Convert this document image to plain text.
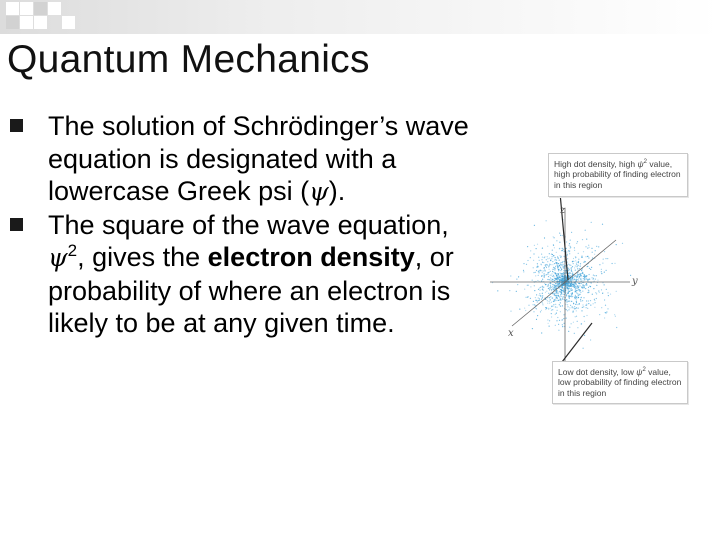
Quantum Mechanics
The solution of Schrödinger’s wave equation is designated with a lowercase Greek psi (ψ).
The square of the wave equation, $\psi^2$, gives the electron density, or probability of where an electron is likely to be at any given time.
z
y
x
High dot density, high $\psi^2$ value, high probability of finding electron in this region
Low dot density, low $\psi^2$ value, low probability of finding electron in this region
